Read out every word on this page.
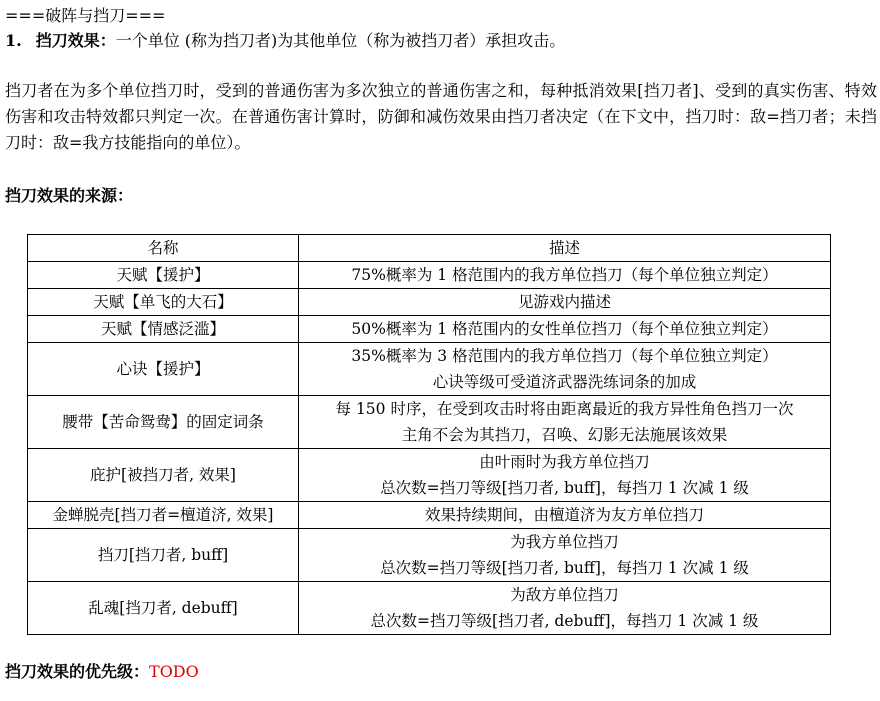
===破阵与挡刀===
1. 挡刀效果：一个单位 (称为挡刀者)为其他单位（称为被挡刀者）承担攻击。
挡刀者在为多个单位挡刀时，受到的普通伤害为多次独立的普通伤害之和，每种抵消效果[挡刀者]、受到的真实伤害、特效伤害和攻击特效都只判定一次。在普通伤害计算时，防御和减伤效果由挡刀者决定（在下文中，挡刀时：敌=挡刀者；未挡刀时：敌=我方技能指向的单位）。
挡刀效果的来源：
名称	描述
天赋【援护】	75%概率为 1 格范围内的我方单位挡刀（每个单位独立判定）
天赋【单飞的大石】	见游戏内描述
天赋【情感泛滥】	50%概率为 1 格范围内的女性单位挡刀（每个单位独立判定）
心诀【援护】	35%概率为 3 格范围内的我方单位挡刀（每个单位独立判定）
心诀等级可受道济武器洗练词条的加成

腰带【苦命鸳鸯】的固定词条	每 150 时序，在受到攻击时将由距离最近的我方异性角色挡刀一次
主角不会为其挡刀，召唤、幻影无法施展该效果

庇护[被挡刀者, 效果]	由叶雨时为我方单位挡刀
总次数=挡刀等级[挡刀者, buff]，每挡刀 1 次减 1 级

金蝉脱壳[挡刀者=檀道济, 效果]	效果持续期间，由檀道济为友方单位挡刀
挡刀[挡刀者, buff]	为我方单位挡刀
总次数=挡刀等级[挡刀者, buff]，每挡刀 1 次减 1 级

乱魂[挡刀者, debuff]	为敌方单位挡刀
总次数=挡刀等级[挡刀者, debuff]，每挡刀 1 次减 1 级
挡刀效果的优先级：TODO
